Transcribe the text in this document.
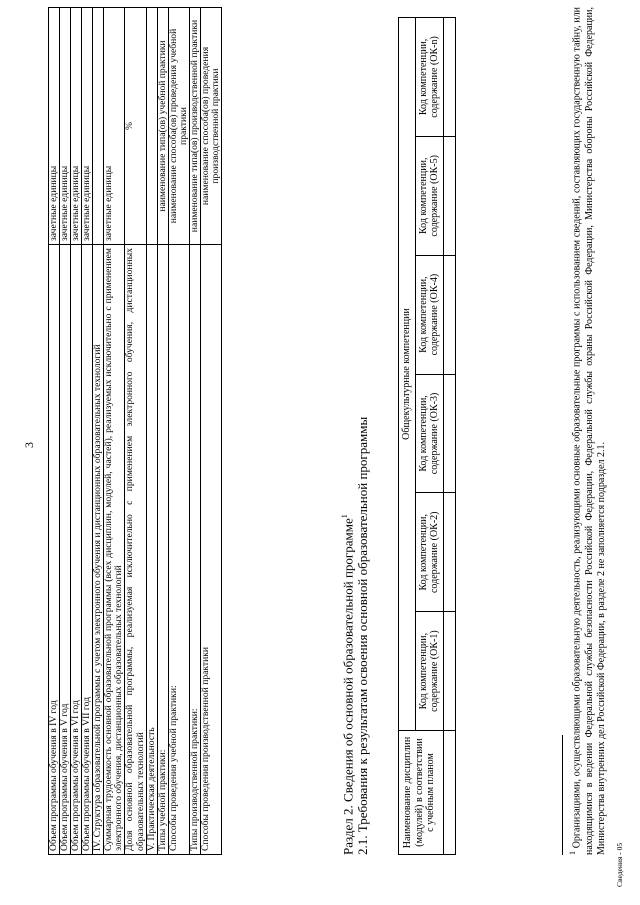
3
Объем программы обучения в IV год	зачетные единицы
Объем программы обучения в V год	зачетные единицы
Объем программы обучения в VI год	зачетные единицы
Объем программы обучения в VII год	зачетные единицы
IV. Структура образовательной программы с учетом электронного обучения и дистанционных образовательных технологий	
Суммарная трудоемкость основной образовательной программы (всех дисциплин, модулей, частей), реализуемых исключительно с применением электронного обучения, дистанционных образовательных технологий	зачетные единицы
Доля основной образовательной программы, реализуемая исключительно с применением электронного обучения, дистанционных образовательных технологий	%
V. Практическая деятельность	
Типы учебной практики:	наименование типа(ов) учебной практики
Способы проведения учебной практики:	наименование способа(ов) проведения учебной практики
Типы производственной практики:	наименование типа(ов) производственной практики
Способы проведения производственной практики	наименование способа(ов) проведения производственной практики
Раздел 2. Сведения об основной образовательной программе$^1$ 2.1. Требования к результатам освоения основной образовательной программы	Наименование дисциплин (модулей) в соответствии с учебным планом	Общекультурные компетенции					
	Код компетенции, содержание (ОК-1)	Код компетенции, содержание (ОК-2)	Код компетенции, содержание (ОК-3)	Код компетенции, содержание (ОК-4)	Код компетенции, содержание (ОК-5)	Код компетенции, содержание (ОК-n)

$^1$ Организациями, осуществляющими образовательную деятельность, реализующими основные образовательные программы с использованием сведений, составляющих государственную тайну, или находящимися в ведении Федеральной службы безопасности Российской Федерации, Федеральной службы охраны Российской Федерации, Министерства обороны Российской Федерации, Министерства внутренних дел Российской Федерации, в разделе 2 не заполняется подраздел 2.1.
Сведения - 05
